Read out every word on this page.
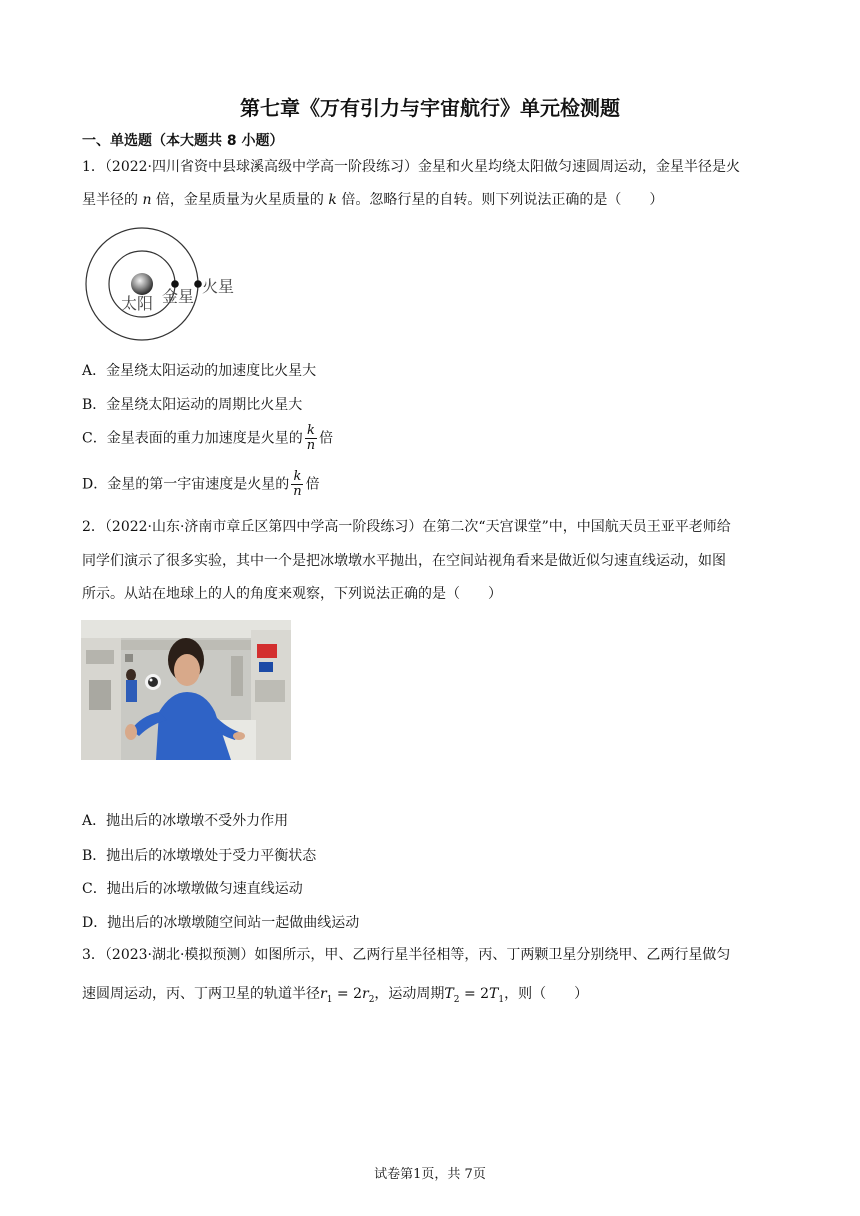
第七章《万有引力与宇宙航行》单元检测题
一、单选题（本大题共 8 小题）
1．（2022·四川省资中县球溪高级中学高一阶段练习）金星和火星均绕太阳做匀速圆周运动，金星半径是火
星半径的 n 倍，金星质量为火星质量的 k 倍。忽略行星的自转。则下列说法正确的是（　　）
太阳 金星
火星
A．金星绕太阳运动的加速度比火星大
B．金星绕太阳运动的周期比火星大
C．金星表面的重力加速度是火星的 $\frac{k}{n}$ 倍
D．金星的第一宇宙速度是火星的 $\frac{k}{n}$ 倍
2．（2022·山东·济南市章丘区第四中学高一阶段练习）在第二次“天宫课堂”中，中国航天员王亚平老师给
同学们演示了很多实验，其中一个是把冰墩墩水平抛出，在空间站视角看来是做近似匀速直线运动，如图
所示。从站在地球上的人的角度来观察，下列说法正确的是（　　）
A．抛出后的冰墩墩不受外力作用
B．抛出后的冰墩墩处于受力平衡状态
C．抛出后的冰墩墩做匀速直线运动
D．抛出后的冰墩墩随空间站一起做曲线运动
3．（2023·湖北·模拟预测）如图所示，甲、乙两行星半径相等，丙、丁两颗卫星分别绕甲、乙两行星做匀
速圆周运动，丙、丁两卫星的轨道半径$r_1 = 2r_2$，运动周期$T_2 = 2T_1$，则（　　）
试卷第1页，共 7页
